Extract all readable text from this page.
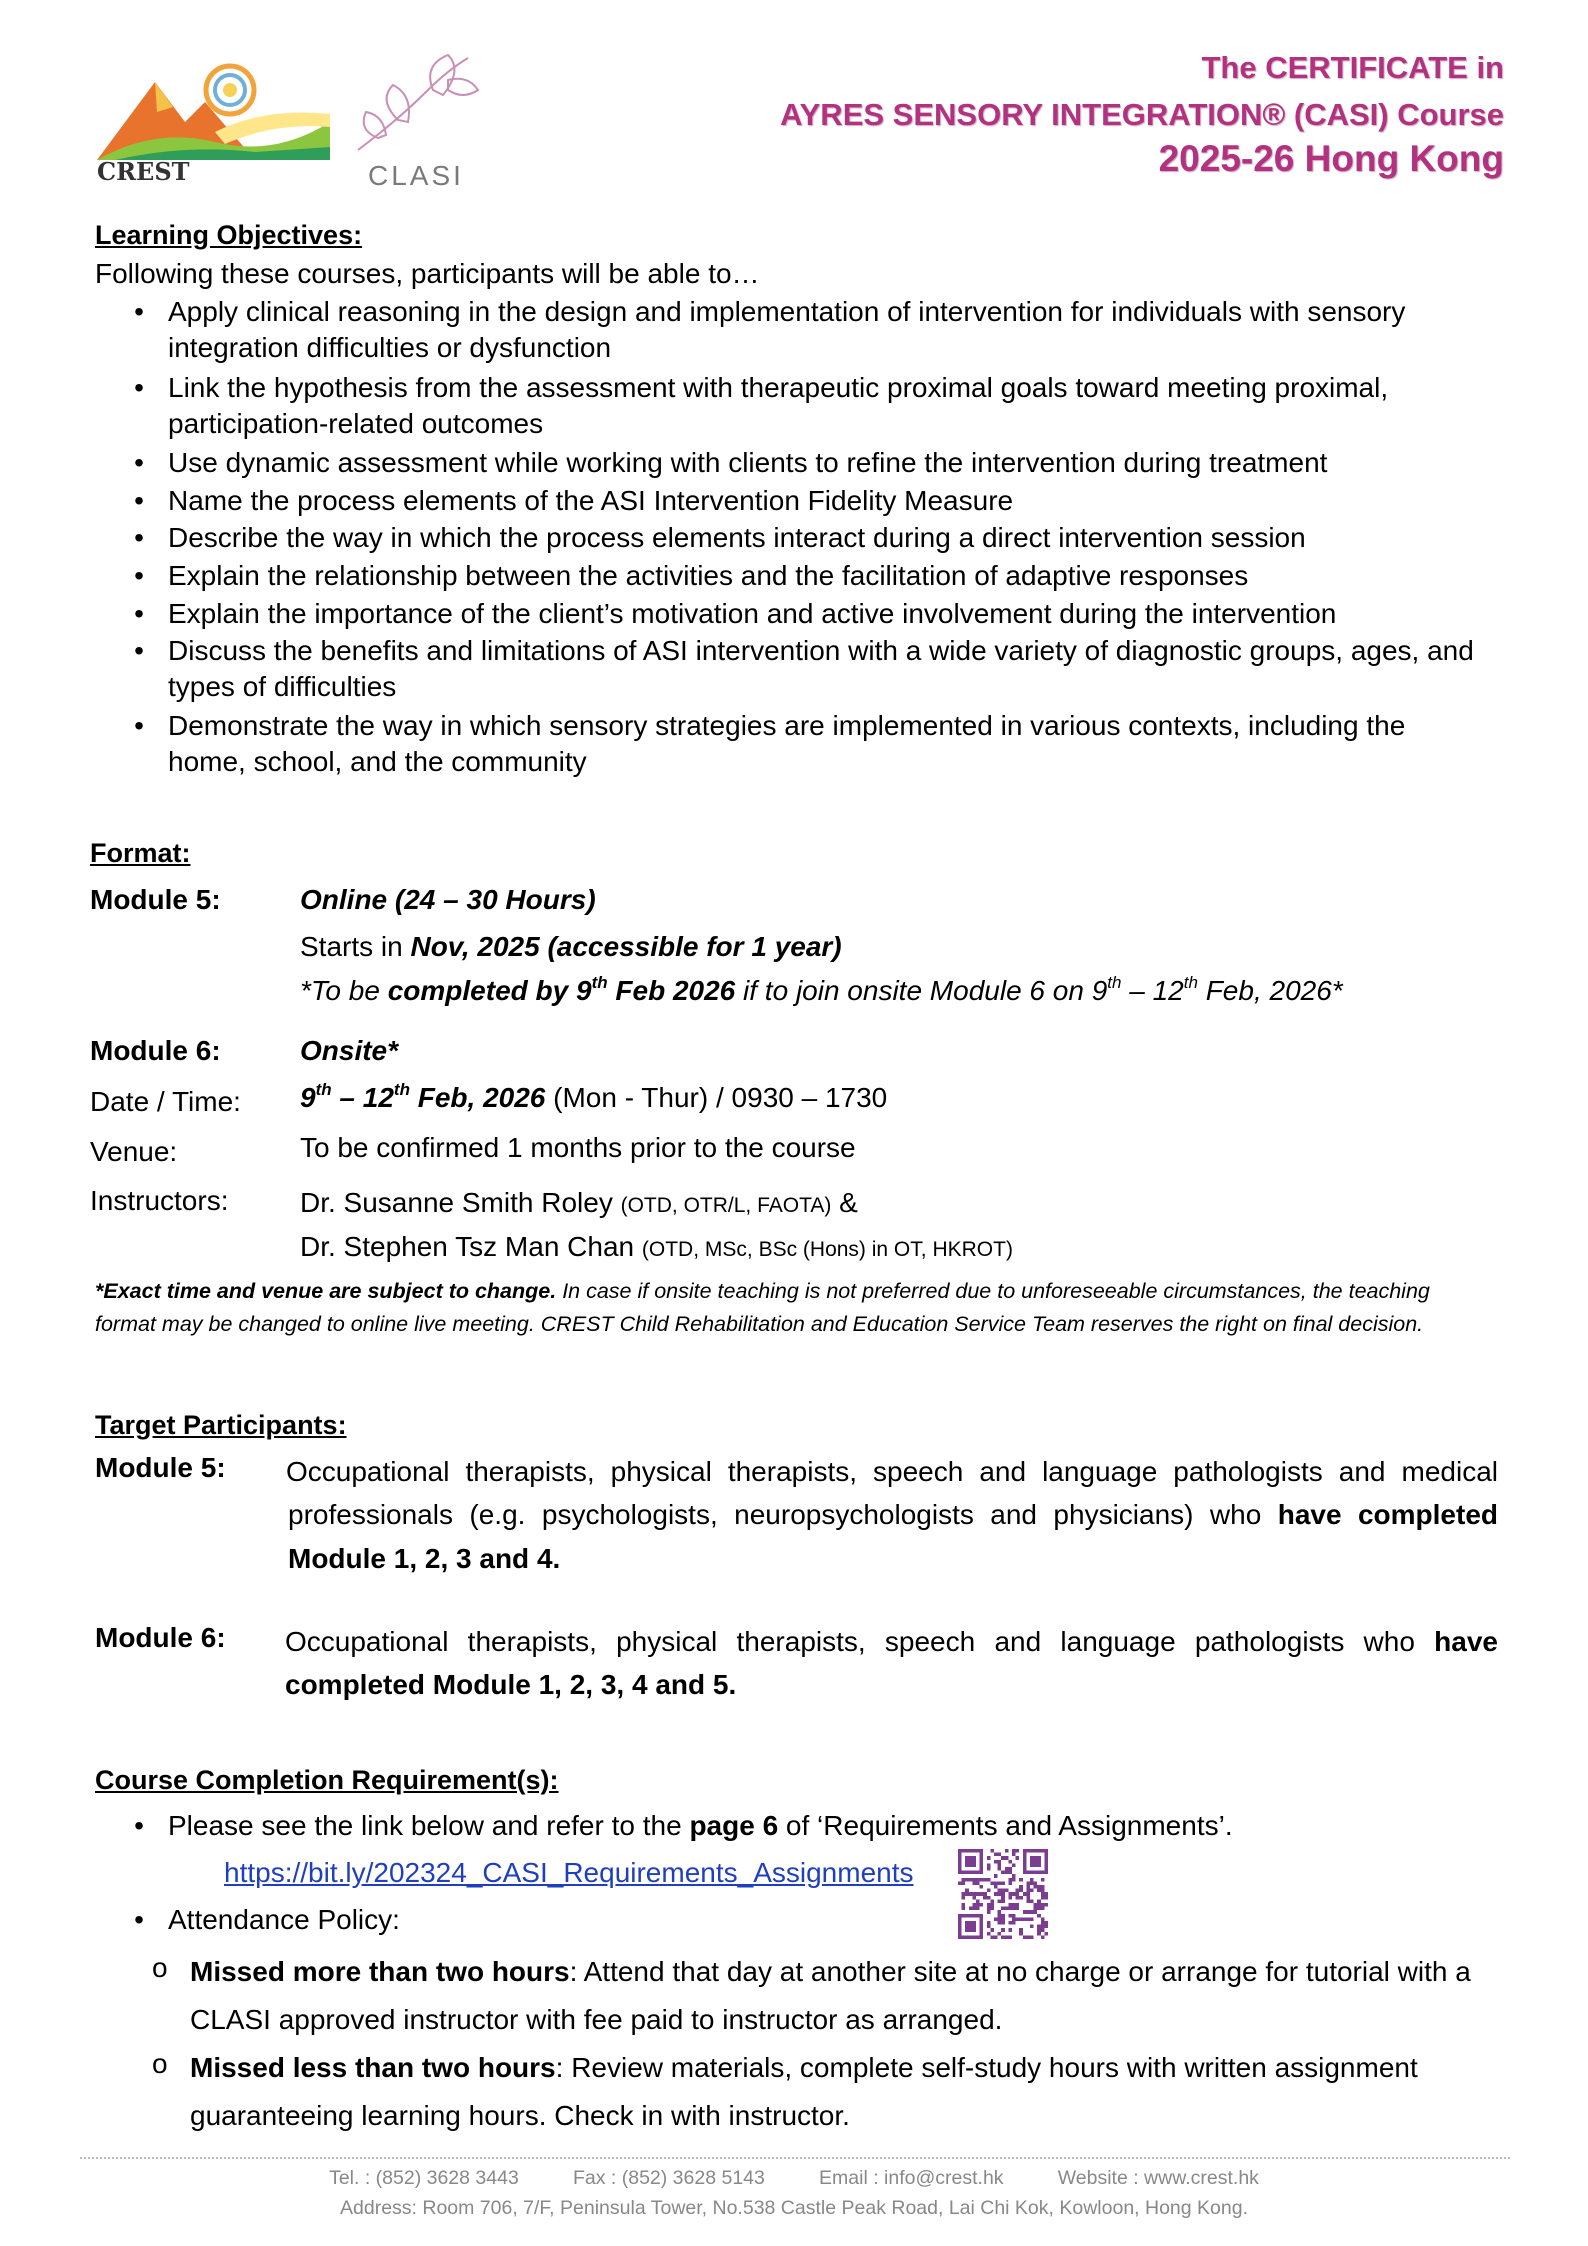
CREST	CLASI
The CERTIFICATE in
AYRES SENSORY INTEGRATION® (CASI) Course
2025-26 Hong Kong
Learning Objectives:
Following these courses, participants will be able to…
• Apply clinical reasoning in the design and implementation of intervention for individuals with sensory integration difficulties or dysfunction
• Link the hypothesis from the assessment with therapeutic proximal goals toward meeting proximal, participation-related outcomes
• Use dynamic assessment while working with clients to refine the intervention during treatment
• Name the process elements of the ASI Intervention Fidelity Measure
• Describe the way in which the process elements interact during a direct intervention session
• Explain the relationship between the activities and the facilitation of adaptive responses
• Explain the importance of the client’s motivation and active involvement during the intervention
• Discuss the benefits and limitations of ASI intervention with a wide variety of diagnostic groups, ages, and types of difficulties
• Demonstrate the way in which sensory strategies are implemented in various contexts, including the home, school, and the community
Format:
Module 5:	Online (24 – 30 Hours)
Starts in Nov, 2025 (accessible for 1 year)
*To be completed by 9th Feb 2026 if to join onsite Module 6 on 9th – 12th Feb, 2026*
Module 6:	Onsite*
Date / Time: 9th – 12th Feb, 2026 (Mon - Thur) / 0930 – 1730
Venue:	To be confirmed 1 months prior to the course
Instructors:	Dr. Susanne Smith Roley (OTD, OTR/L, FAOTA) &
Dr. Stephen Tsz Man Chan (OTD, MSc, BSc (Hons) in OT, HKROT)
*Exact time and venue are subject to change. In case if onsite teaching is not preferred due to unforeseeable circumstances, the teaching format may be changed to online live meeting. CREST Child Rehabilitation and Education Service Team reserves the right on final decision.
Target Participants:
Module 5: Occupational therapists, physical therapists, speech and language pathologists and medical professionals (e.g. psychologists, neuropsychologists and physicians) who have completed Module 1, 2, 3 and 4.
Module 6: Occupational therapists, physical therapists, speech and language pathologists who have completed Module 1, 2, 3, 4 and 5.
Course Completion Requirement(s):
• Please see the link below and refer to the page 6 of ‘Requirements and Assignments’.
https://bit.ly/202324_CASI_Requirements_Assignments
• Attendance Policy:
o Missed more than two hours: Attend that day at another site at no charge or arrange for tutorial with a CLASI approved instructor with fee paid to instructor as arranged.
o Missed less than two hours: Review materials, complete self-study hours with written assignment guaranteeing learning hours. Check in with instructor.
Tel. : (852) 3628 3443          Fax : (852) 3628 5143          Email : info@crest.hk          Website : www.crest.hk
Address: Room 706, 7/F, Peninsula Tower, No.538 Castle Peak Road, Lai Chi Kok, Kowloon, Hong Kong.
